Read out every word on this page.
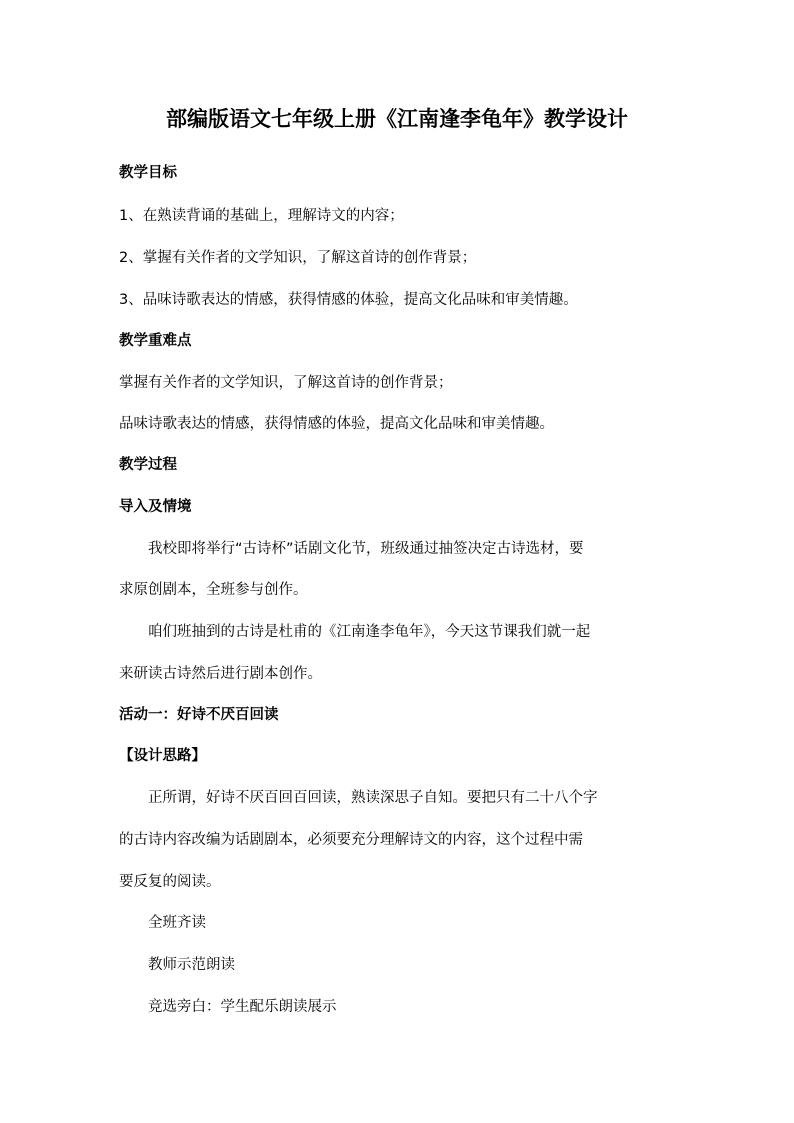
部编版语文七年级上册《江南逢李龟年》教学设计
教学目标
1、在熟读背诵的基础上，理解诗文的内容；
2、掌握有关作者的文学知识，了解这首诗的创作背景；
3、品味诗歌表达的情感，获得情感的体验，提高文化品味和审美情趣。
教学重难点
掌握有关作者的文学知识，了解这首诗的创作背景；
品味诗歌表达的情感，获得情感的体验，提高文化品味和审美情趣。
教学过程
导入及情境
我校即将举行“古诗杯”话剧文化节，班级通过抽签决定古诗选材，要
求原创剧本，全班参与创作。
咱们班抽到的古诗是杜甫的《江南逢李龟年》，今天这节课我们就一起
来研读古诗然后进行剧本创作。
活动一：好诗不厌百回读
【设计思路】
正所谓，好诗不厌百回百回读，熟读深思子自知。要把只有二十八个字
的古诗内容改编为话剧剧本，必须要充分理解诗文的内容，这个过程中需
要反复的阅读。
全班齐读
教师示范朗读
竞选旁白：学生配乐朗读展示
